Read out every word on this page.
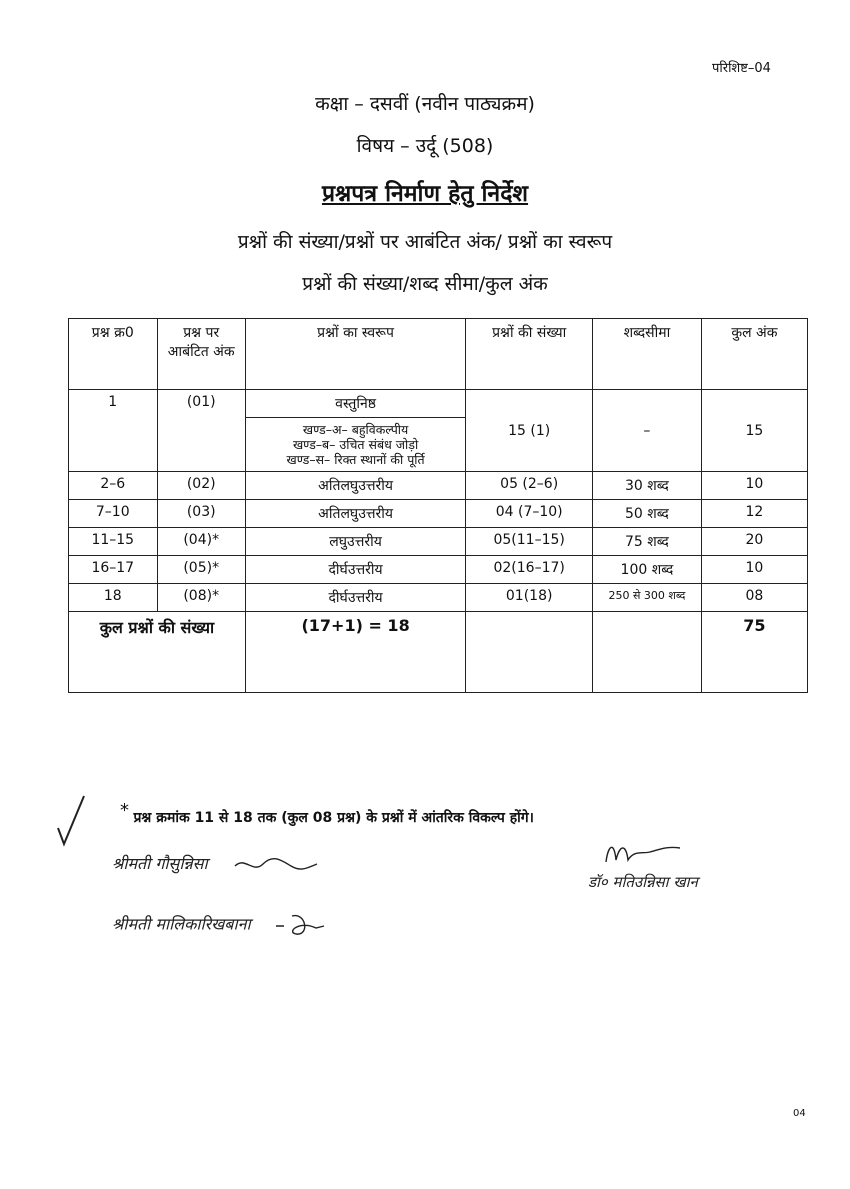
परिशिष्ट–04
कक्षा – दसवीं (नवीन पाठ्यक्रम)
विषय – उर्दू (508)
प्रश्नपत्र निर्माण हेतु निर्देश
प्रश्नों की संख्या/प्रश्नों पर आबंटित अंक/ प्रश्नों का स्वरूप
प्रश्नों की संख्या/शब्द सीमा/कुल अंक
प्रश्न क्र0	प्रश्न पर आबंटित अंक	प्रश्नों का स्वरूप	प्रश्नों की संख्या	शब्दसीमा	कुल अंक
1	(01)	वस्तुनिष्ठ	15 (1)	–	15

		खण्ड–अ– बहुविकल्पीय
खण्ड–ब– उचित संबंध जोड़ो
खण्ड–स– रिक्त स्थानों की पूर्ति			

2–6	(02)	अतिलघुउत्तरीय	05 (2–6)	30 शब्द	10
7–10	(03)	अतिलघुउत्तरीय	04 (7–10)	50 शब्द	12
11–15	(04)*	लघुउत्तरीय	05(11–15)	75 शब्द	20
16–17	(05)*	दीर्घउत्तरीय	02(16–17)	100 शब्द	10
18	(08)*	दीर्घउत्तरीय	01(18)	250 से 300 शब्द	08
कुल प्रश्नों की संख्या		(17+1) = 18			75
* प्रश्न क्रमांक 11 से 18 तक (कुल 08 प्रश्न) के प्रश्नों में आंतरिक विकल्प होंगे।
श्रीमती गौसुन्निसा
श्रीमती मालिकारिखबाना
डॉ० मतिउन्निसा खान
04
